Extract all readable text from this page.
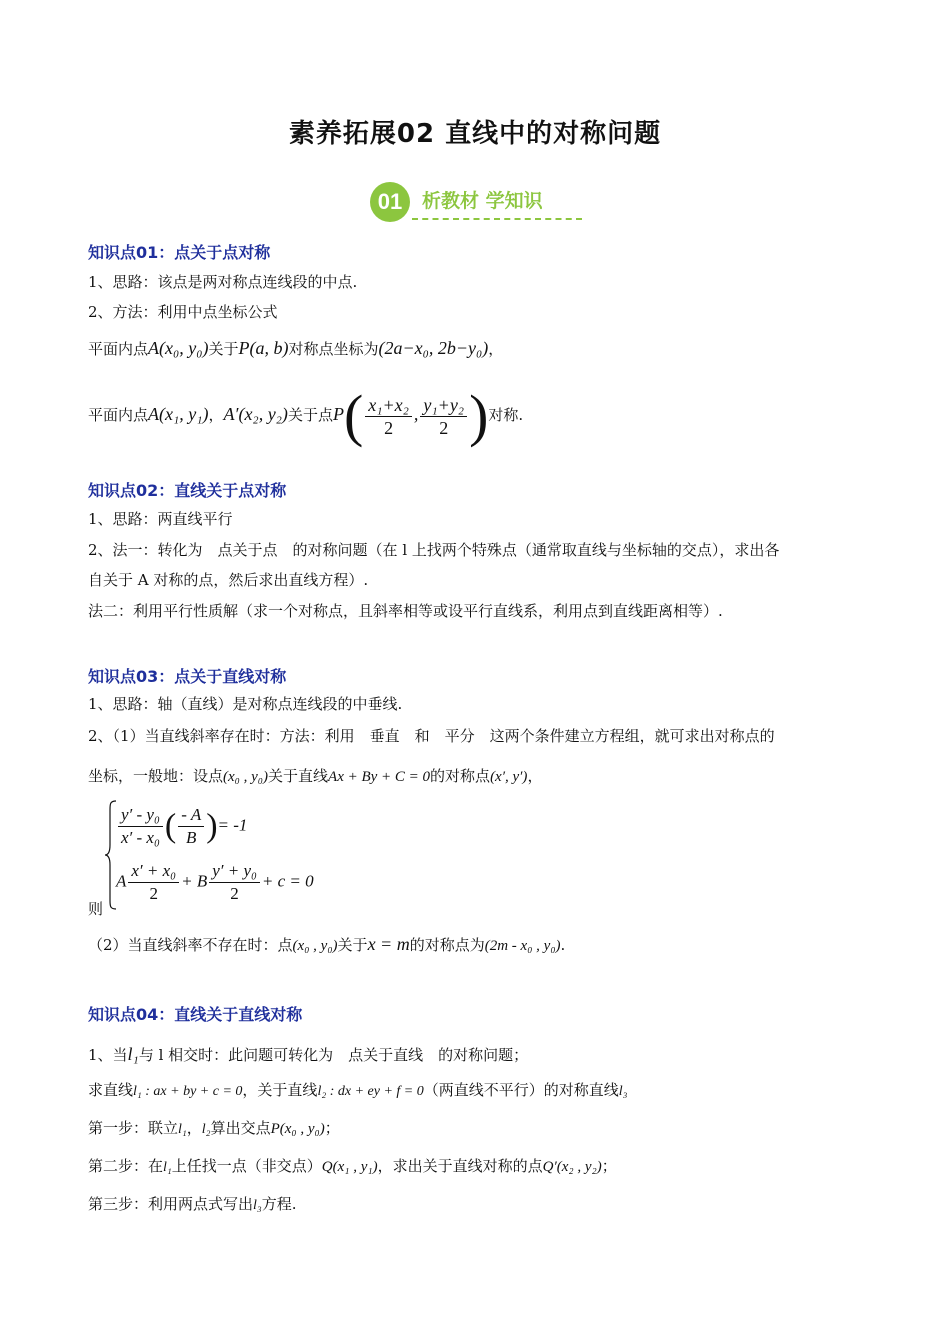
素养拓展02 直线中的对称问题
01	析教材 学知识
知识点01：点关于点对称
1、思路：该点是两对称点连线段的中点.
2、方法：利用中点坐标公式
平面内点A(x₀, y₀)关于P(a, b)对称点坐标为(2a−x₀, 2b−y₀)，
平面内点A(x₁, y₁)，A′(x₂, y₂)关于点$P( \frac{\text{x₁+x₂}}{2}$ , $\frac{\text{y₁+y₂}}{2}$ )对称.
知识点02：直线关于点对称
1、思路：两直线平行
2、法一：转化为　点关于点　的对称问题（在 l 上找两个特殊点（通常取直线与坐标轴的交点），求出各
自关于 A 对称的点，然后求出直线方程）.
法二：利用平行性质解（求一个对称点，且斜率相等或设平行直线系，利用点到直线距离相等）.
知识点03：点关于直线对称
1、思路：轴（直线）是对称点连线段的中垂线.
2、（1）当直线斜率存在时：方法：利用　垂直　和　平分　这两个条件建立方程组，就可求出对称点的
坐标，一般地：设点(x₀ , y₀)关于直线Ax + By + C = 0的对称点(x′, y′)，
$\frac{\text{y′ - y₀}}{\text{x′ - x₀}}$ ( $\frac{- A}{B}$ )= -1
A $\frac{\text{x′ + x₀}}{2} + B \frac{\text{y′ + y₀}}{2} + c = 0$
则
（2）当直线斜率不存在时：点(x₀ , y₀)关于x = m的对称点为(2m - x₀ , y₀).
知识点04：直线关于直线对称
1、当l₁与 l 相交时：此问题可转化为　点关于直线　的对称问题；
求直线l₁ : ax + by + c = 0，关于直线l₂ : dx + ey + f = 0（两直线不平行）的对称直线l₃
第一步：联立l₁，l₂算出交点P(x₀ , y₀)；
第二步：在l₁上任找一点（非交点）Q(x₁ , y₁)，求出关于直线对称的点Q′(x₂ , y₂)；
第三步：利用两点式写出l₃方程.
